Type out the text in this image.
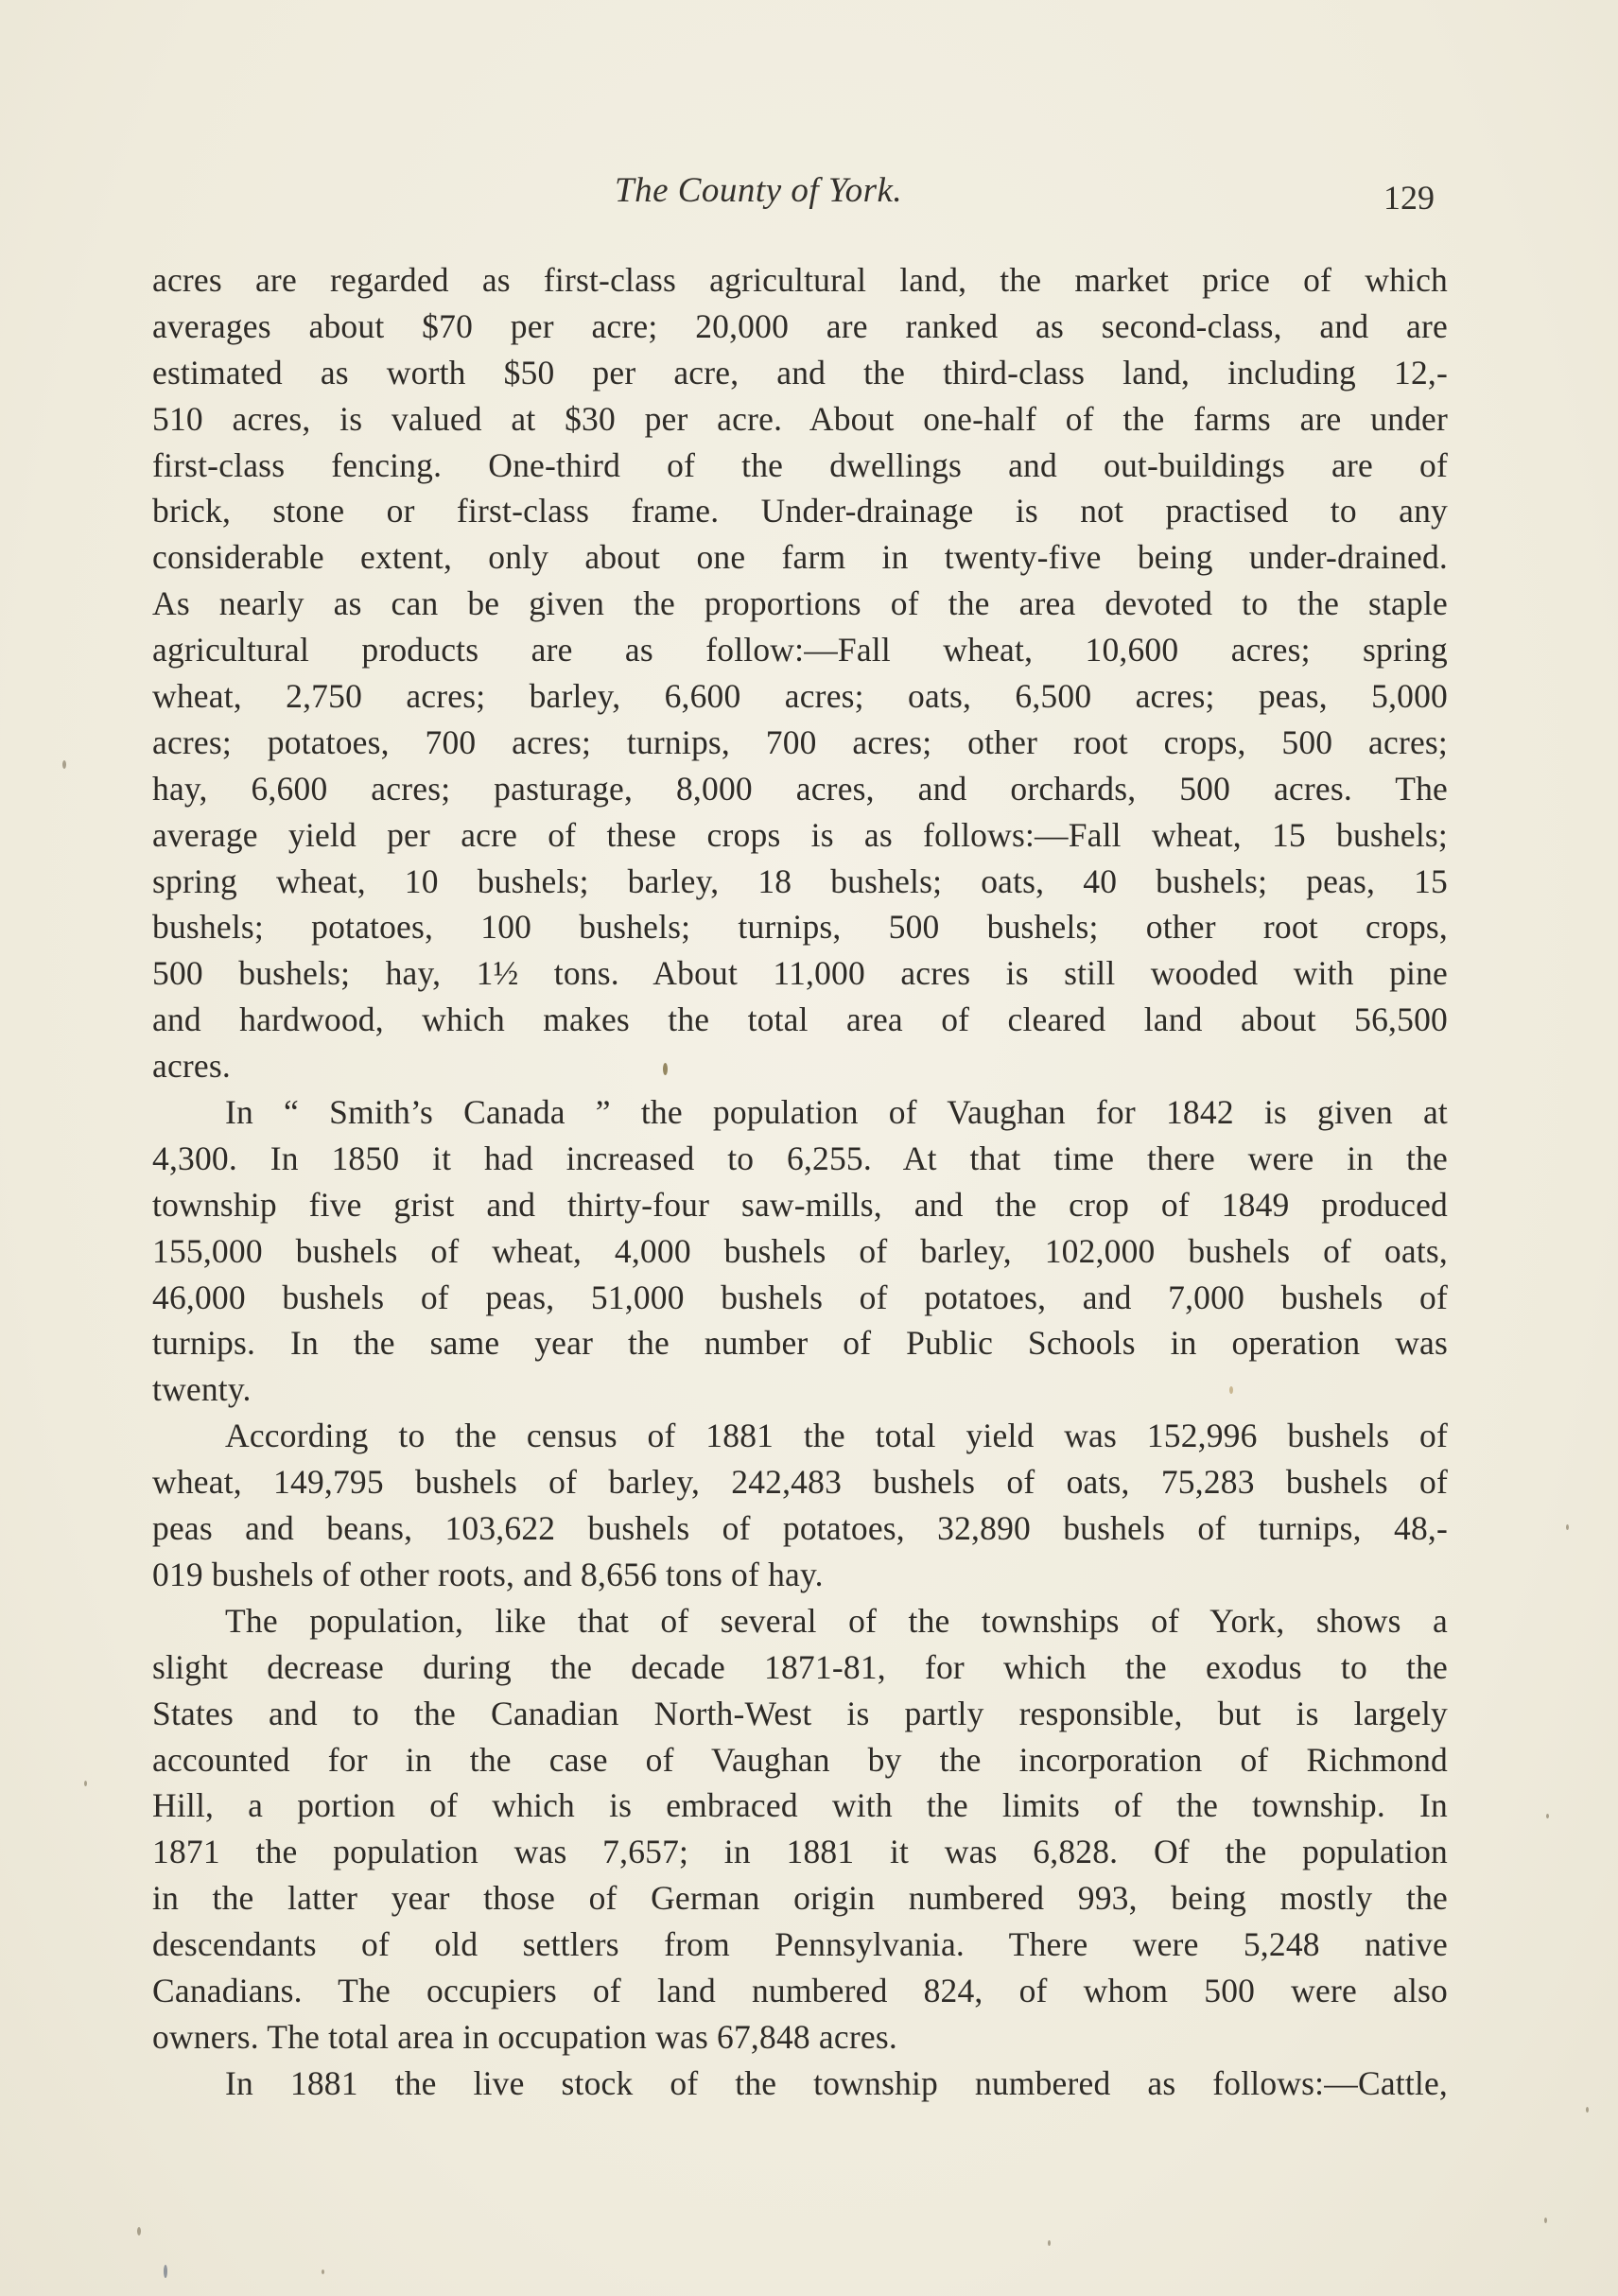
The County of York.	129
acres are regarded as first-class agricultural land, the market price of which
averages about $70 per acre; 20,000 are ranked as second-class, and are
estimated as worth $50 per acre, and the third-class land, including 12,-
510 acres, is valued at $30 per acre. About one-half of the farms are under
first-class fencing. One-third of the dwellings and out-buildings are of
brick, stone or first-class frame. Under-drainage is not practised to any
considerable extent, only about one farm in twenty-five being under-drained.
As nearly as can be given the proportions of the area devoted to the staple
agricultural products are as follow:—Fall wheat, 10,600 acres; spring
wheat, 2,750 acres; barley, 6,600 acres; oats, 6,500 acres; peas, 5,000
acres; potatoes, 700 acres; turnips, 700 acres; other root crops, 500 acres;
hay, 6,600 acres; pasturage, 8,000 acres, and orchards, 500 acres. The
average yield per acre of these crops is as follows:—Fall wheat, 15 bushels;
spring wheat, 10 bushels; barley, 18 bushels; oats, 40 bushels; peas, 15
bushels; potatoes, 100 bushels; turnips, 500 bushels; other root crops,
500 bushels; hay, 1½ tons. About 11,000 acres is still wooded with pine
and hardwood, which makes the total area of cleared land about 56,500
acres.
In “ Smith’s Canada ” the population of Vaughan for 1842 is given at
4,300. In 1850 it had increased to 6,255. At that time there were in the
township five grist and thirty-four saw-mills, and the crop of 1849 produced
155,000 bushels of wheat, 4,000 bushels of barley, 102,000 bushels of oats,
46,000 bushels of peas, 51,000 bushels of potatoes, and 7,000 bushels of
turnips. In the same year the number of Public Schools in operation was
twenty.
According to the census of 1881 the total yield was 152,996 bushels of
wheat, 149,795 bushels of barley, 242,483 bushels of oats, 75,283 bushels of
peas and beans, 103,622 bushels of potatoes, 32,890 bushels of turnips, 48,-
019 bushels of other roots, and 8,656 tons of hay.
The population, like that of several of the townships of York, shows a
slight decrease during the decade 1871-81, for which the exodus to the
States and to the Canadian North-West is partly responsible, but is largely
accounted for in the case of Vaughan by the incorporation of Richmond
Hill, a portion of which is embraced with the limits of the township. In
1871 the population was 7,657; in 1881 it was 6,828. Of the population
in the latter year those of German origin numbered 993, being mostly the
descendants of old settlers from Pennsylvania. There were 5,248 native
Canadians. The occupiers of land numbered 824, of whom 500 were also
owners. The total area in occupation was 67,848 acres.
In 1881 the live stock of the township numbered as follows:—Cattle,
